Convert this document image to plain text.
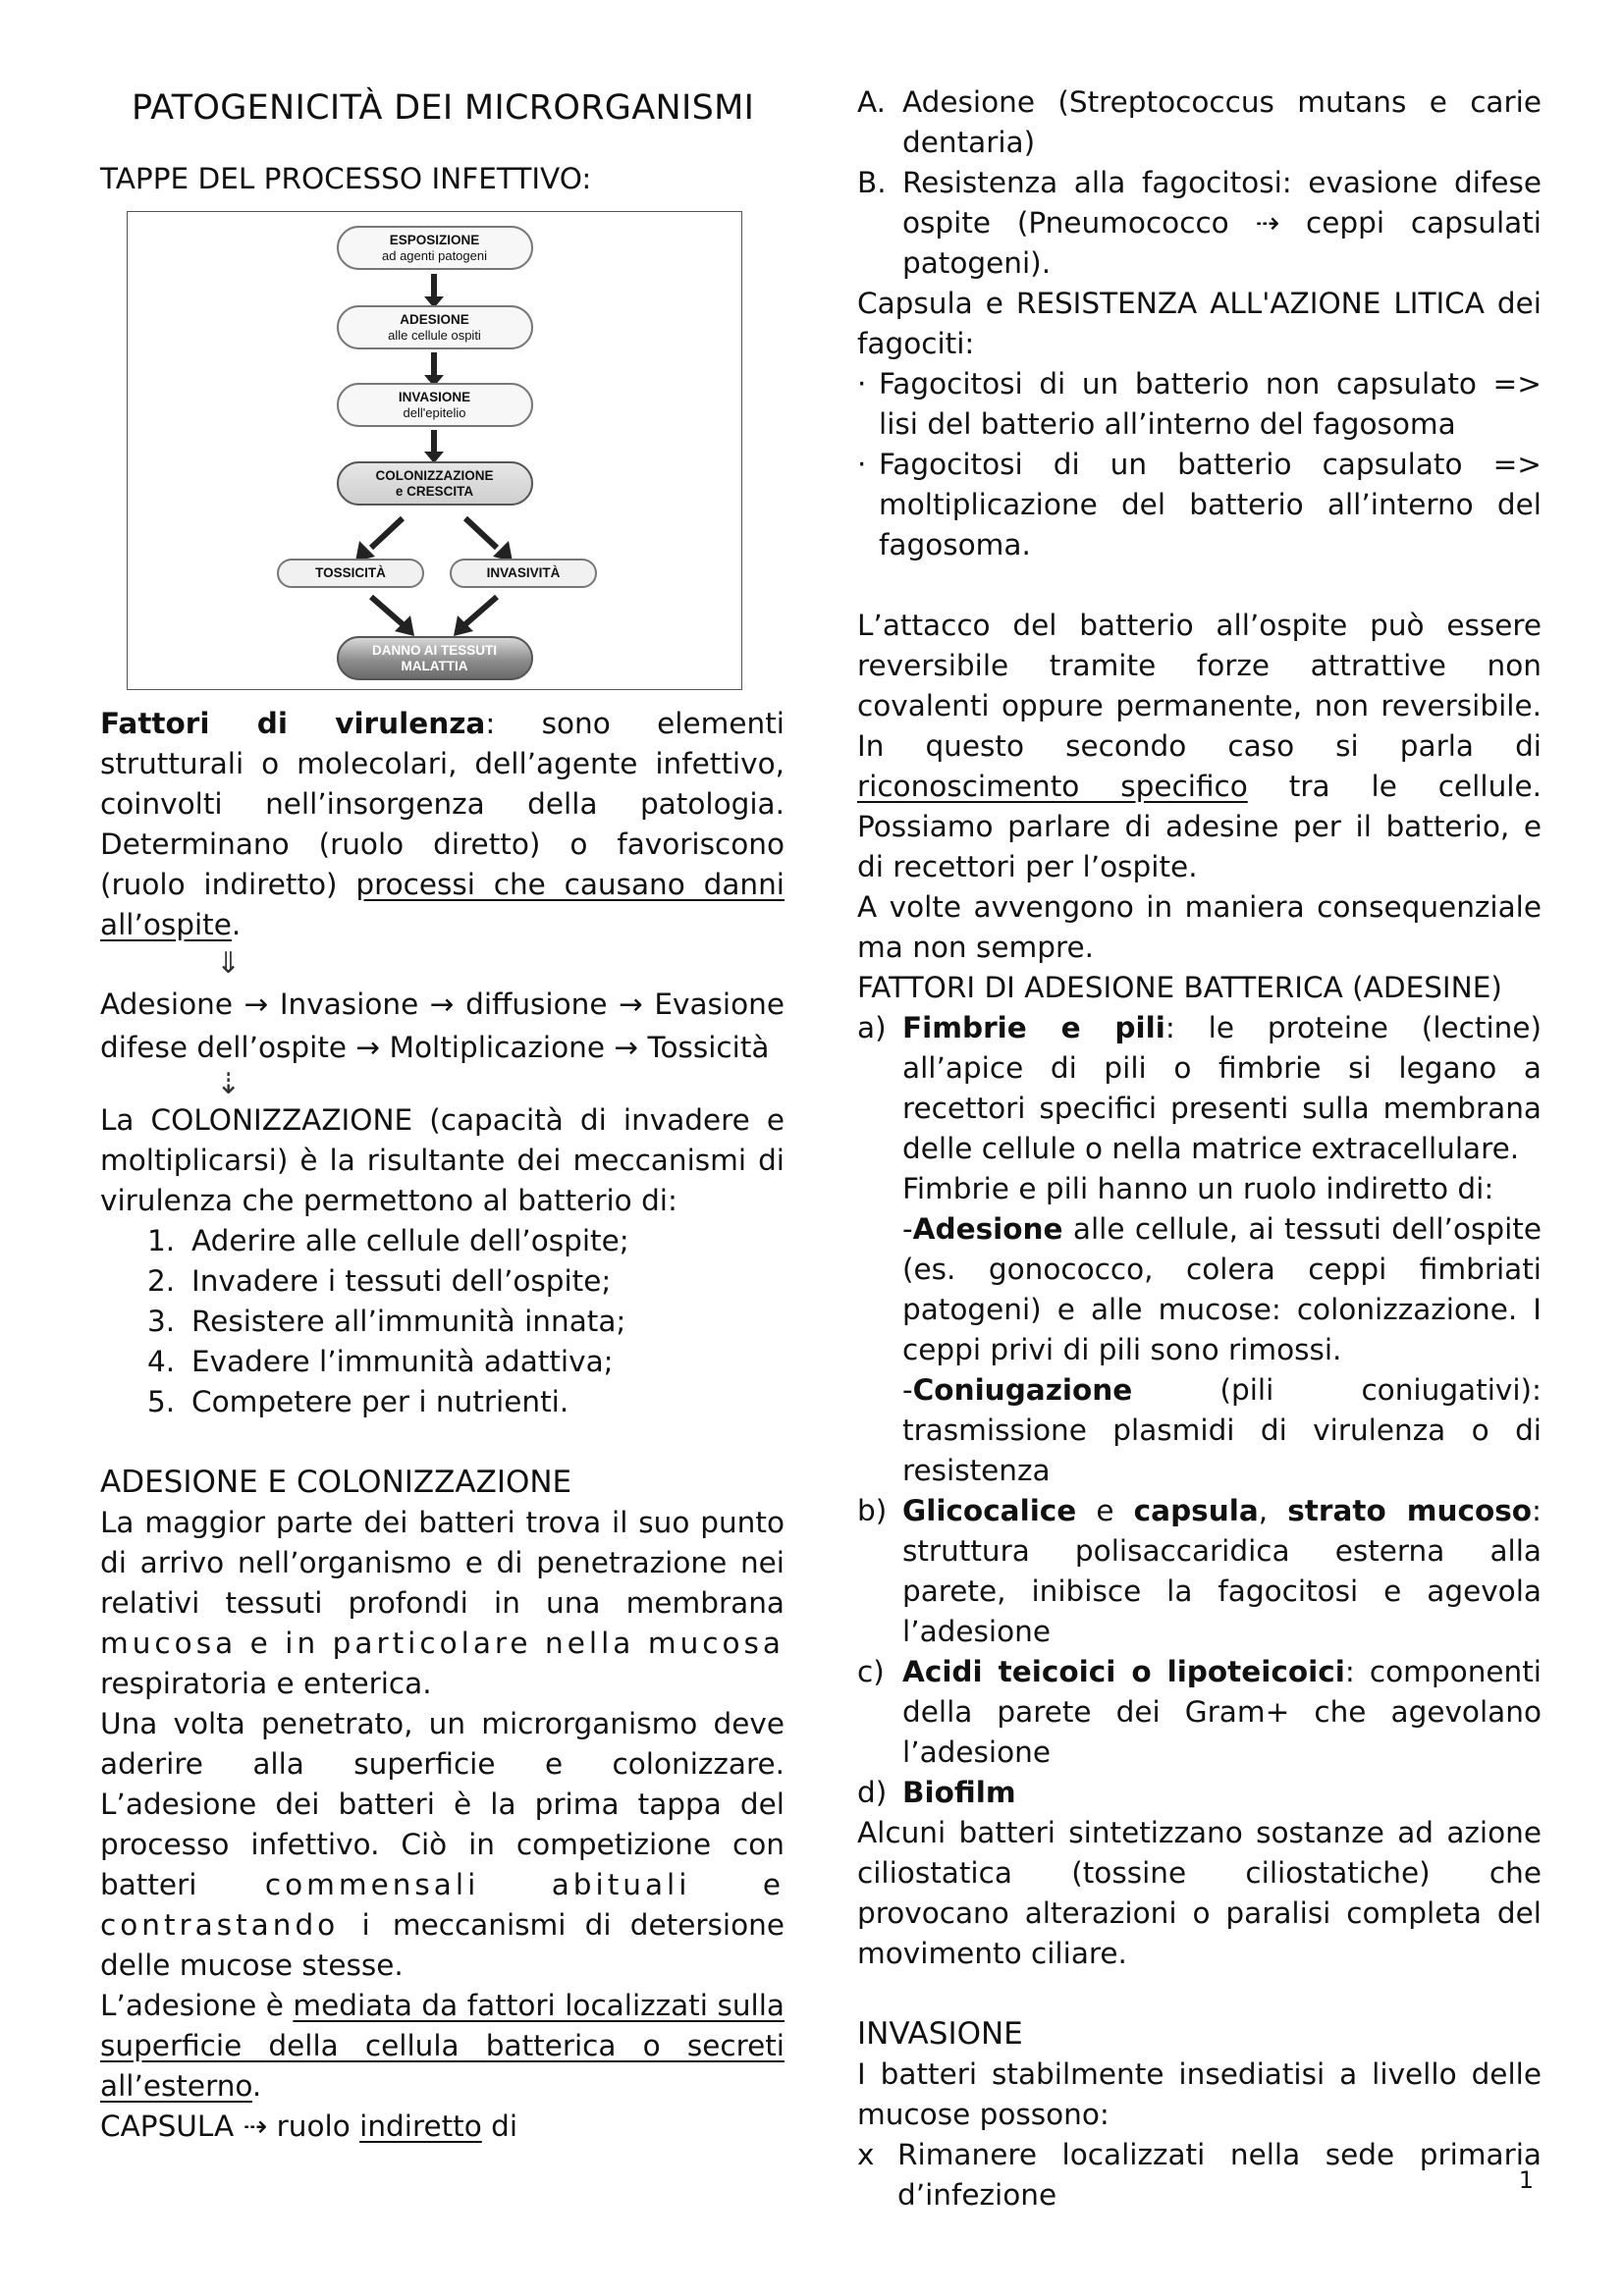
PATOGENICITÀ DEI MICRORGANISMI

TAPPE DEL PROCESSO INFETTIVO:

ESPOSIZIONE
ad agenti patogeni
ADESIONE
alle cellule ospiti
INVASIONE
dell'epitelio
COLONIZZAZIONE
e CRESCITA
TOSSICITÀ	INVASIVITÀ
DANNO AI TESSUTI
MALATTIA

Fattori di virulenza: sono elementi strutturali o molecolari, dell’agente infettivo, coinvolti nell’insorgenza della patologia. Determinano (ruolo diretto) o favoriscono (ruolo indiretto) processi che causano danni all’ospite.

⇓

Adesione → Invasione → diffusione → Evasione difese dell’ospite → Moltiplicazione → Tossicità

⇣

La COLONIZZAZIONE (capacità di invadere e moltiplicarsi) è la risultante dei meccanismi di virulenza che permettono al batterio di:

1. Aderire alle cellule dell’ospite;
2. Invadere i tessuti dell’ospite;
3. Resistere all’immunità innata;
4. Evadere l’immunità adattiva;
5. Competere per i nutrienti.

ADESIONE E COLONIZZAZIONE

La maggior parte dei batteri trova il suo punto di arrivo nell’organismo e di penetrazione nei relativi tessuti profondi in una membrana mucosa e in particolare nella mucosa respiratoria e enterica.

Una volta penetrato, un microrganismo deve aderire alla superficie e colonizzare. L’adesione dei batteri è la prima tappa del processo infettivo. Ciò in competizione con batteri commensali abituali e contrastando i meccanismi di detersione delle mucose stesse.

L’adesione è mediata da fattori localizzati sulla superficie della cellula batterica o secreti all’esterno.

CAPSULA ⇢ ruolo indiretto di

A. Adesione (Streptococcus mutans e carie dentaria)
B. Resistenza alla fagocitosi: evasione difese ospite (Pneumococco ⇢ ceppi capsulati patogeni).

Capsula e RESISTENZA ALL'AZIONE LITICA dei fagociti:

· Fagocitosi di un batterio non capsulato => lisi del batterio all’interno del fagosoma
· Fagocitosi di un batterio capsulato => moltiplicazione del batterio all’interno del fagosoma.

L’attacco del batterio all’ospite può essere reversibile tramite forze attrattive non covalenti oppure permanente, non reversibile. In questo secondo caso si parla di riconoscimento specifico tra le cellule. Possiamo parlare di adesine per il batterio, e di recettori per l’ospite.

A volte avvengono in maniera consequenziale ma non sempre.

FATTORI DI ADESIONE BATTERICA (ADESINE)

a) Fimbrie e pili: le proteine (lectine) all’apice di pili o fimbrie si legano a recettori specifici presenti sulla membrana delle cellule o nella matrice extracellulare.

Fimbrie e pili hanno un ruolo indiretto di:

-Adesione alle cellule, ai tessuti dell’ospite (es. gonococco, colera ceppi fimbriati patogeni) e alle mucose: colonizzazione. I ceppi privi di pili sono rimossi.

-Coniugazione (pili coniugativi): trasmissione plasmidi di virulenza o di resistenza

b) Glicocalice e capsula, strato mucoso: struttura polisaccaridica esterna alla parete, inibisce la fagocitosi e agevola l’adesione

c) Acidi teicoici o lipoteicoici: componenti della parete dei Gram+ che agevolano l’adesione

d) Biofilm

Alcuni batteri sintetizzano sostanze ad azione ciliostatica (tossine ciliostatiche) che provocano alterazioni o paralisi completa del movimento ciliare.

INVASIONE

I batteri stabilmente insediatisi a livello delle mucose possono:

x Rimanere localizzati nella sede primaria d’infezione	1
